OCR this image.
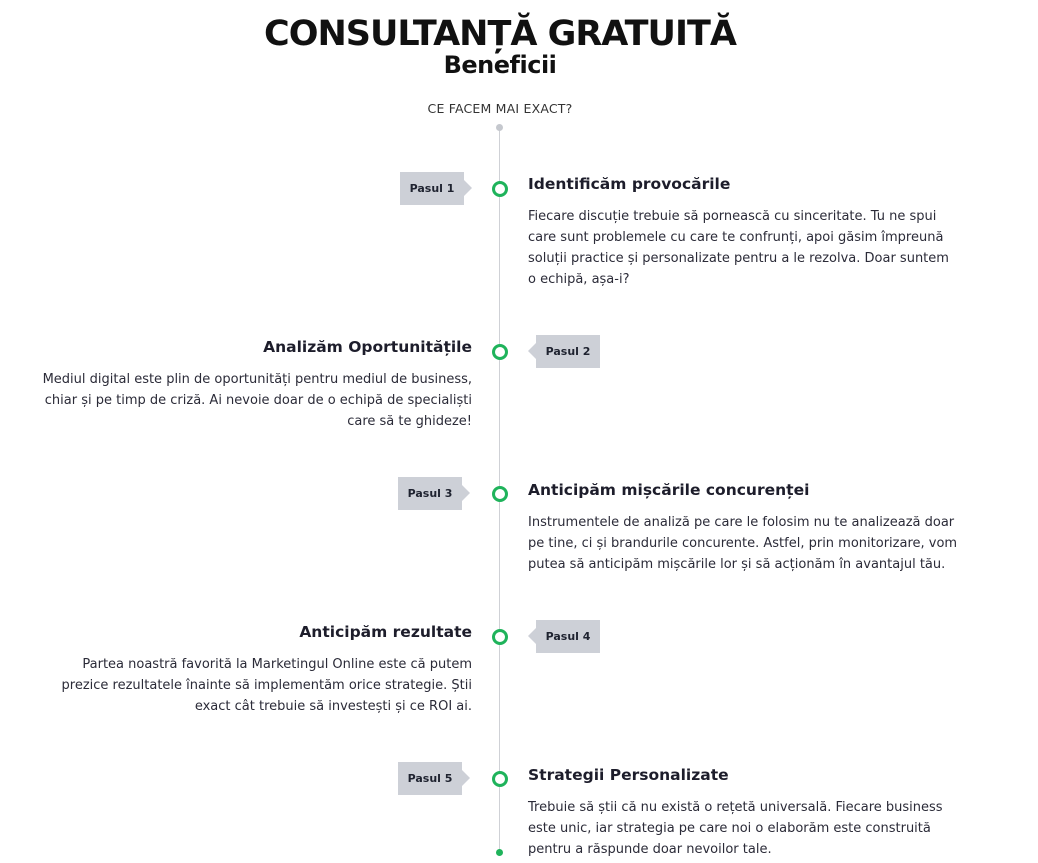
CONSULTANȚĂ GRATUITĂ
Beneficii
CE FACEM MAI EXACT?
Pasul 1	Identificăm provocările

Fiecare discuție trebuie să pornească cu sinceritate. Tu ne spui care sunt problemele cu care te confrunți, apoi găsim împreună soluții practice și personalizate pentru a le rezolva. Doar suntem o echipă, așa-i?

Pasul 2
Analizăm Oportunitățile

Mediul digital este plin de oportunități pentru mediul de business, chiar și pe timp de criză. Ai nevoie doar de o echipă de specialiști care să te ghideze!

Pasul 3	Anticipăm mișcările concurenței

Instrumentele de analiză pe care le folosim nu te analizează doar pe tine, ci și brandurile concurente. Astfel, prin monitorizare, vom putea să anticipăm mișcările lor și să acționăm în avantajul tău.

Pasul 4
Anticipăm rezultate

Partea noastră favorită la Marketingul Online este că putem prezice rezultatele înainte să implementăm orice strategie. Știi exact cât trebuie să investești și ce ROI ai.

Pasul 5	Strategii Personalizate

Trebuie să știi că nu există o rețetă universală. Fiecare business este unic, iar strategia pe care noi o elaborăm este construită pentru a răspunde doar nevoilor tale.
